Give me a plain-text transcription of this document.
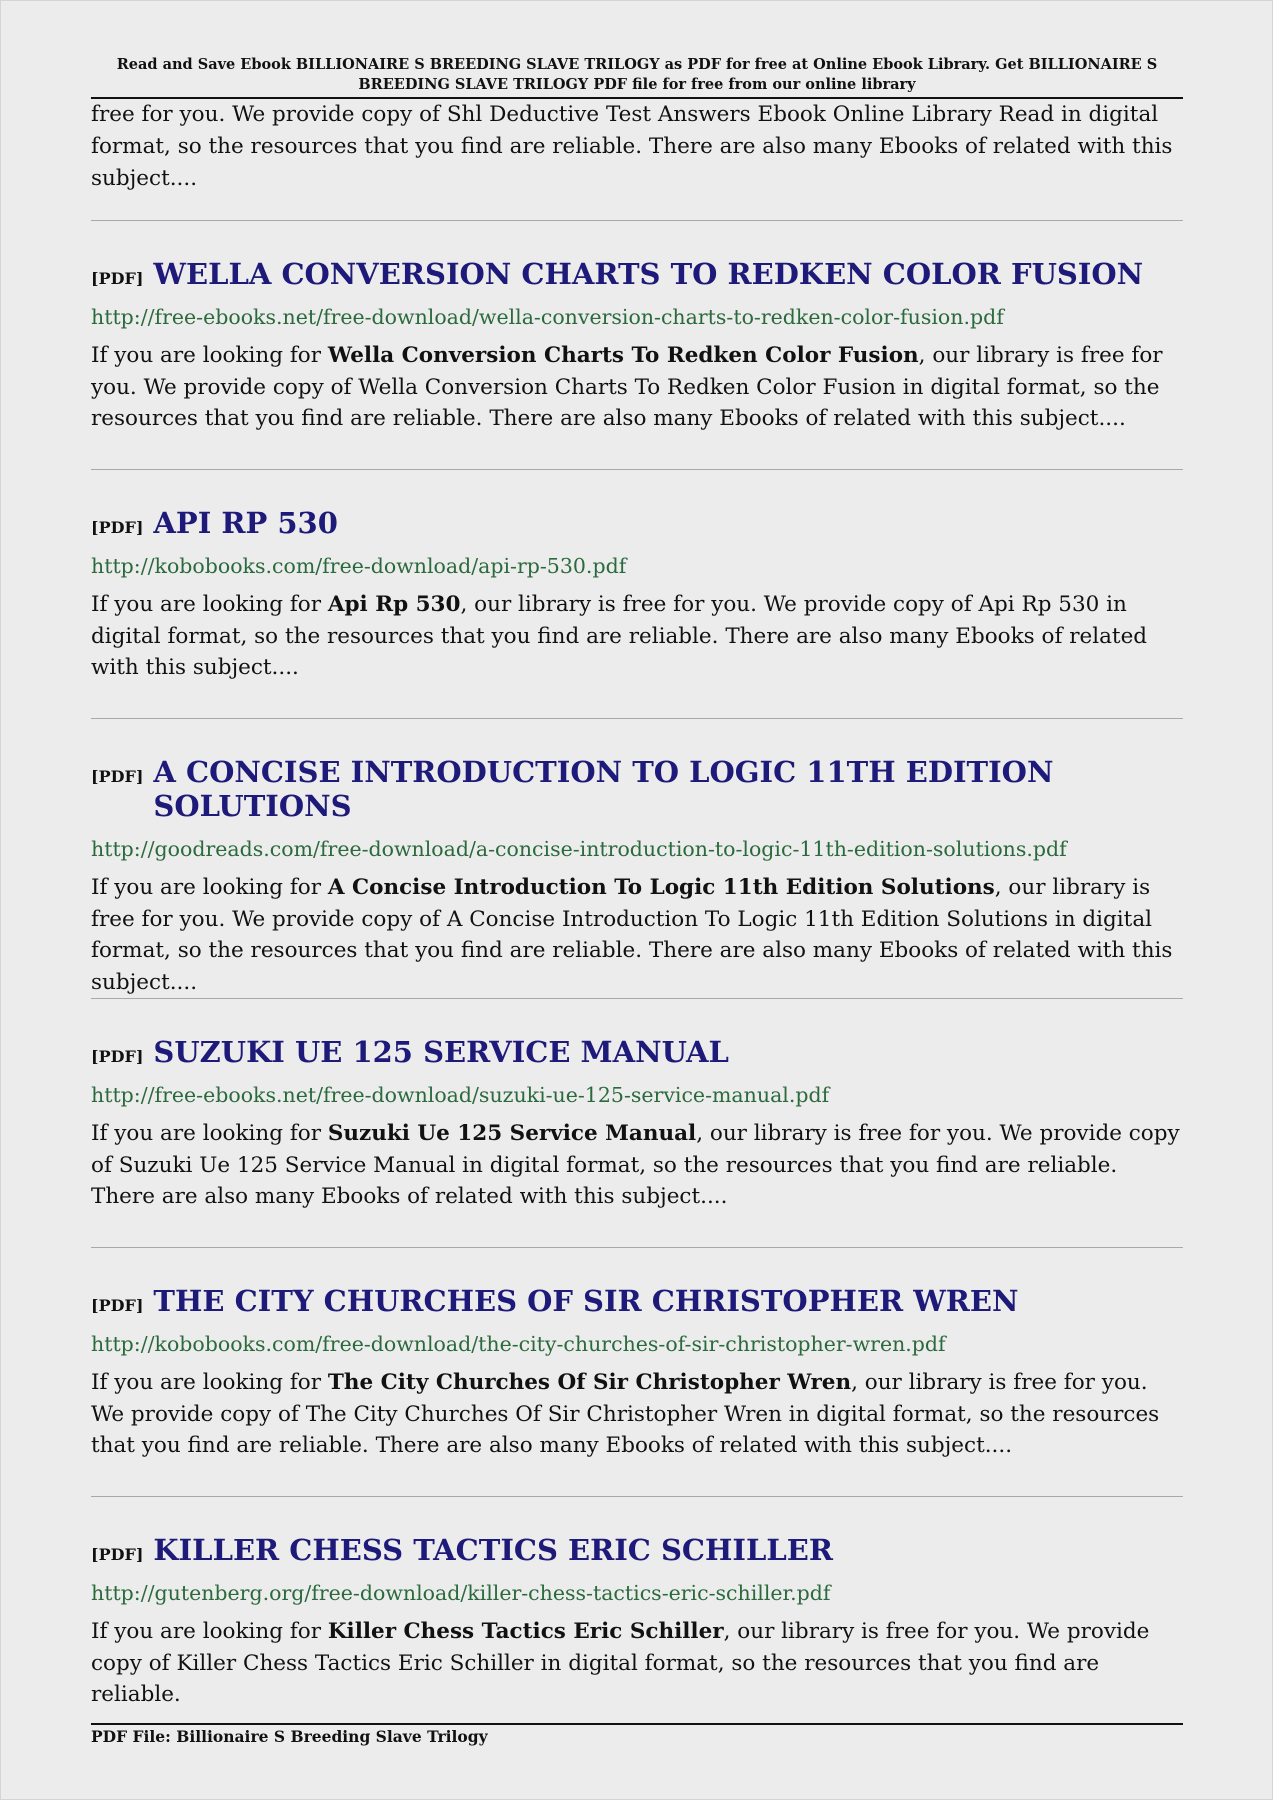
Read and Save Ebook BILLIONAIRE S BREEDING SLAVE TRILOGY as PDF for free at Online Ebook Library. Get BILLIONAIRE S
BREEDING SLAVE TRILOGY PDF file for free from our online library
free for you. We provide copy of Shl Deductive Test Answers Ebook Online Library Read in digital format, so the resources that you find are reliable. There are also many Ebooks of related with this subject....
[PDF] WELLA CONVERSION CHARTS TO REDKEN COLOR FUSION
http://free-ebooks.net/free-download/wella-conversion-charts-to-redken-color-fusion.pdf
If you are looking for Wella Conversion Charts To Redken Color Fusion, our library is free for you. We provide copy of Wella Conversion Charts To Redken Color Fusion in digital format, so the resources that you find are reliable. There are also many Ebooks of related with this subject....
[PDF] API RP 530
http://kobobooks.com/free-download/api-rp-530.pdf
If you are looking for Api Rp 530, our library is free for you. We provide copy of Api Rp 530 in digital format, so the resources that you find are reliable. There are also many Ebooks of related with this subject....
[PDF] A CONCISE INTRODUCTION TO LOGIC 11TH EDITION SOLUTIONS
http://goodreads.com/free-download/a-concise-introduction-to-logic-11th-edition-solutions.pdf
If you are looking for A Concise Introduction To Logic 11th Edition Solutions, our library is free for you. We provide copy of A Concise Introduction To Logic 11th Edition Solutions in digital format, so the resources that you find are reliable. There are also many Ebooks of related with this subject....
[PDF] SUZUKI UE 125 SERVICE MANUAL
http://free-ebooks.net/free-download/suzuki-ue-125-service-manual.pdf
If you are looking for Suzuki Ue 125 Service Manual, our library is free for you. We provide copy of Suzuki Ue 125 Service Manual in digital format, so the resources that you find are reliable. There are also many Ebooks of related with this subject....
[PDF] THE CITY CHURCHES OF SIR CHRISTOPHER WREN
http://kobobooks.com/free-download/the-city-churches-of-sir-christopher-wren.pdf
If you are looking for The City Churches Of Sir Christopher Wren, our library is free for you. We provide copy of The City Churches Of Sir Christopher Wren in digital format, so the resources that you find are reliable. There are also many Ebooks of related with this subject....
[PDF] KILLER CHESS TACTICS ERIC SCHILLER
http://gutenberg.org/free-download/killer-chess-tactics-eric-schiller.pdf
If you are looking for Killer Chess Tactics Eric Schiller, our library is free for you. We provide copy of Killer Chess Tactics Eric Schiller in digital format, so the resources that you find are reliable.
PDF File: Billionaire S Breeding Slave Trilogy
